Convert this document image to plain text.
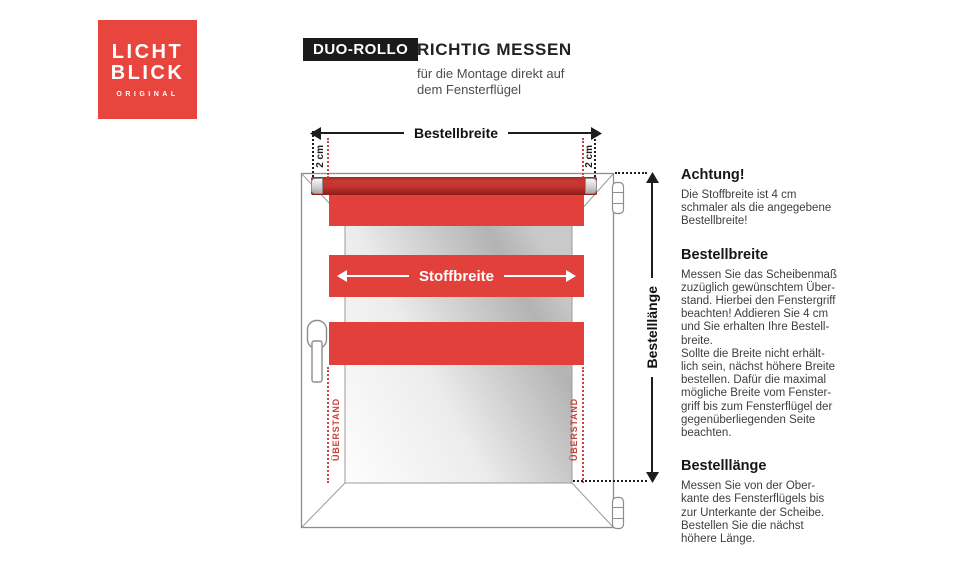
LICHT
BLICK
ORIGINAL
DUO-ROLLO RICHTIG MESSEN
für die Montage direkt auf
dem Fensterflügel
Stoffbreite
Bestellbreite
2 cm	2 cm
ÜBERSTAND	ÜBERSTAND
Bestelllänge
Achtung!
Die Stoffbreite ist 4 cm
schmaler als die angegebene
Bestellbreite!
Bestellbreite
Messen Sie das Scheibenmaß
zuzüglich gewünschtem Über-
stand. Hierbei den Fenstergriff
beachten! Addieren Sie 4 cm
und Sie erhalten Ihre Bestell-
breite.
Sollte die Breite nicht erhält-
lich sein, nächst höhere Breite
bestellen. Dafür die maximal
mögliche Breite vom Fenster-
griff bis zum Fensterflügel der
gegenüberliegenden Seite
beachten.
Bestelllänge
Messen Sie von der Ober-
kante des Fensterflügels bis
zur Unterkante der Scheibe.
Bestellen Sie die nächst
höhere Länge.
